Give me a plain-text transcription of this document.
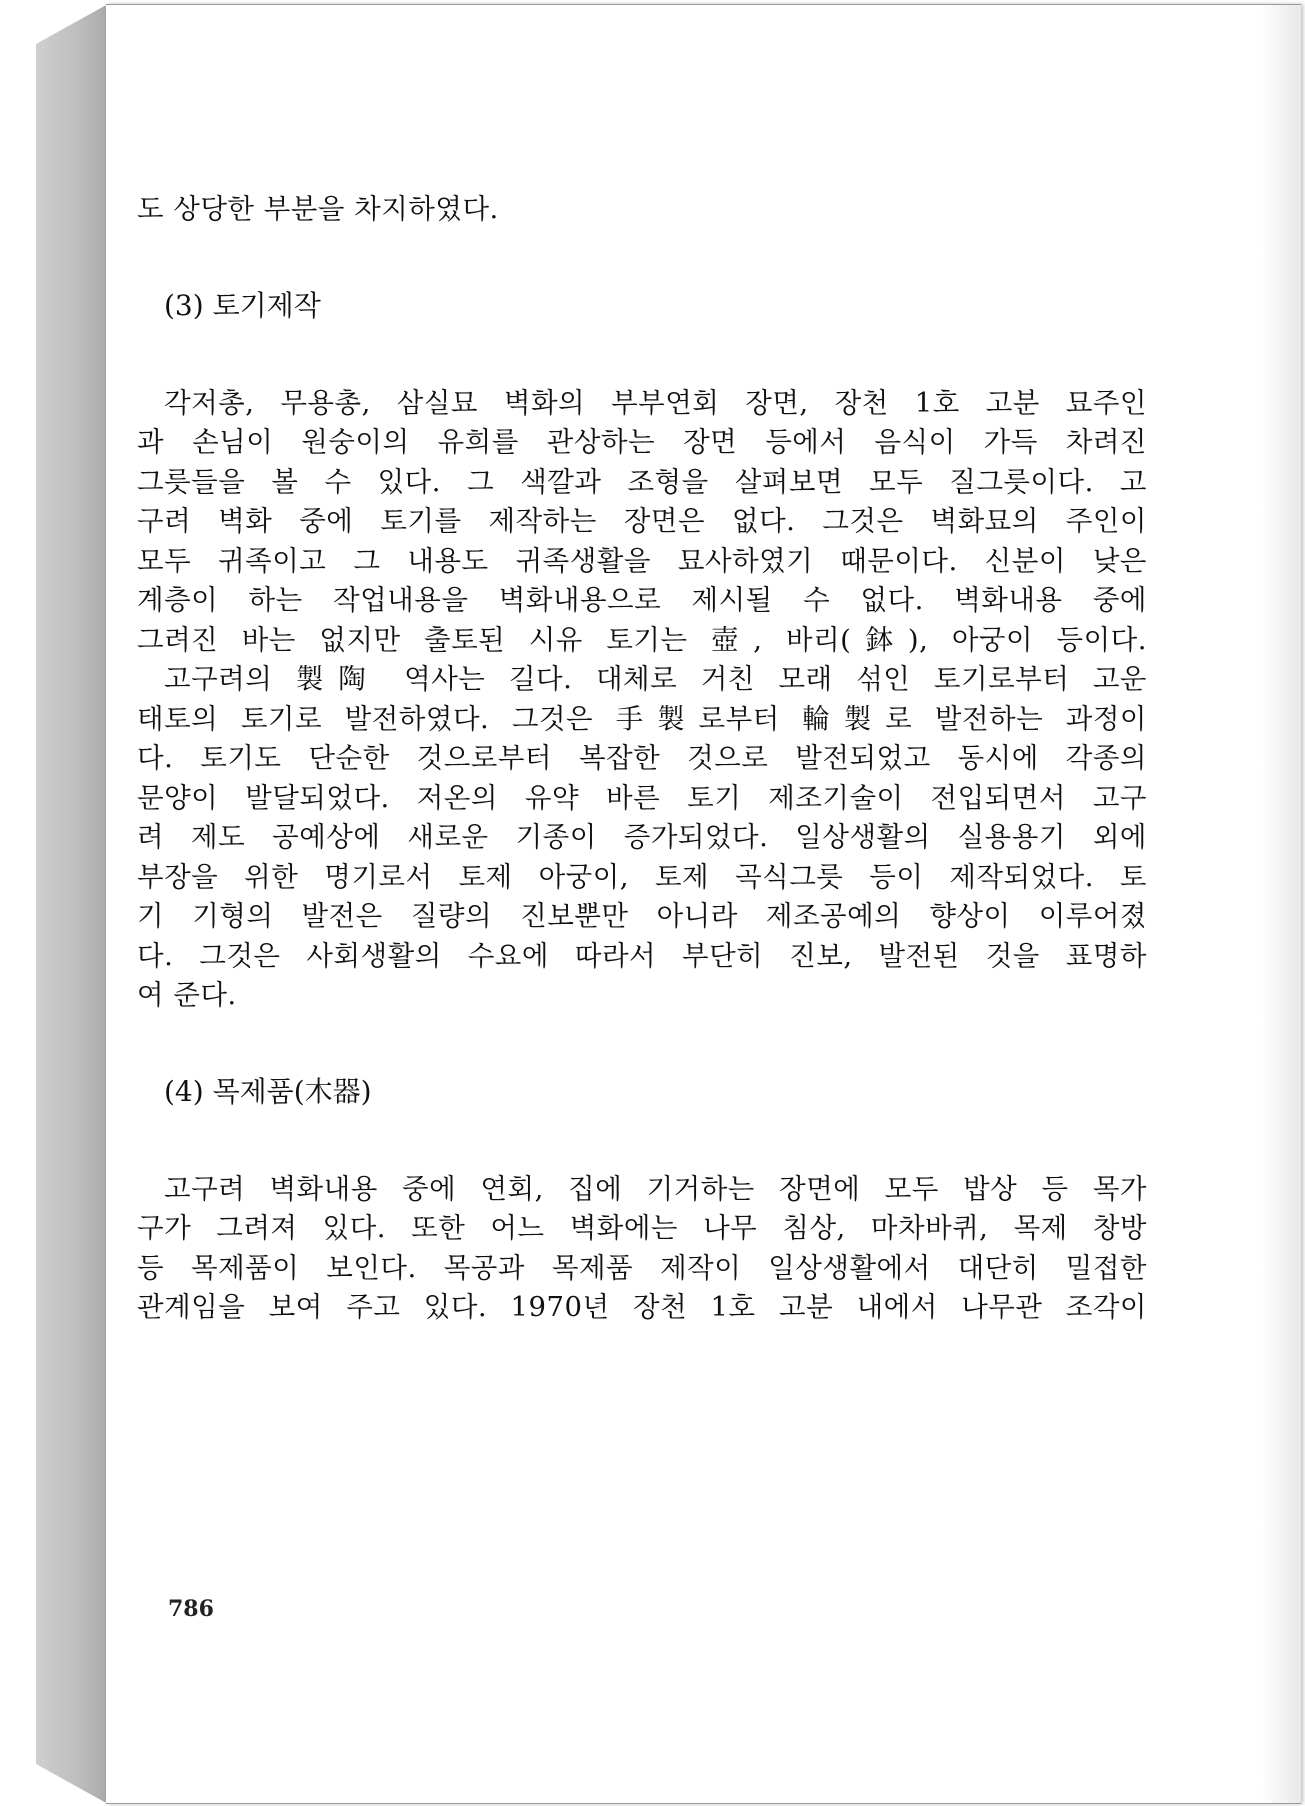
도 상당한 부분을 차지하였다.
(3) 토기제작
각저총, 무용총, 삼실묘 벽화의 부부연회 장면, 장천 1호 고분 묘주인
과 손님이 원숭이의 유희를 관상하는 장면 등에서 음식이 가득 차려진
그릇들을 볼 수 있다. 그 색깔과 조형을 살펴보면 모두 질그릇이다. 고
구려 벽화 중에 토기를 제작하는 장면은 없다. 그것은 벽화묘의 주인이
모두 귀족이고 그 내용도 귀족생활을 묘사하였기 때문이다. 신분이 낮은
계층이 하는 작업내용을 벽화내용으로 제시될 수 없다. 벽화내용 중에
그려진 바는 없지만 출토된 시유 토기는 壺, 바리(鉢), 아궁이 등이다.
고구려의 製陶 역사는 길다. 대체로 거친 모래 섞인 토기로부터 고운
태토의 토기로 발전하였다. 그것은 手製로부터 輪製로 발전하는 과정이
다. 토기도 단순한 것으로부터 복잡한 것으로 발전되었고 동시에 각종의
문양이 발달되었다. 저온의 유약 바른 토기 제조기술이 전입되면서 고구
려 제도 공예상에 새로운 기종이 증가되었다. 일상생활의 실용용기 외에
부장을 위한 명기로서 토제 아궁이, 토제 곡식그릇 등이 제작되었다. 토
기 기형의 발전은 질량의 진보뿐만 아니라 제조공예의 향상이 이루어졌
다. 그것은 사회생활의 수요에 따라서 부단히 진보, 발전된 것을 표명하
여 준다.
(4) 목제품(木器)
고구려 벽화내용 중에 연회, 집에 기거하는 장면에 모두 밥상 등 목가
구가 그려져 있다. 또한 어느 벽화에는 나무 침상, 마차바퀴, 목제 창방
등 목제품이 보인다. 목공과 목제품 제작이 일상생활에서 대단히 밀접한
관계임을 보여 주고 있다. 1970년 장천 1호 고분 내에서 나무관 조각이
786
